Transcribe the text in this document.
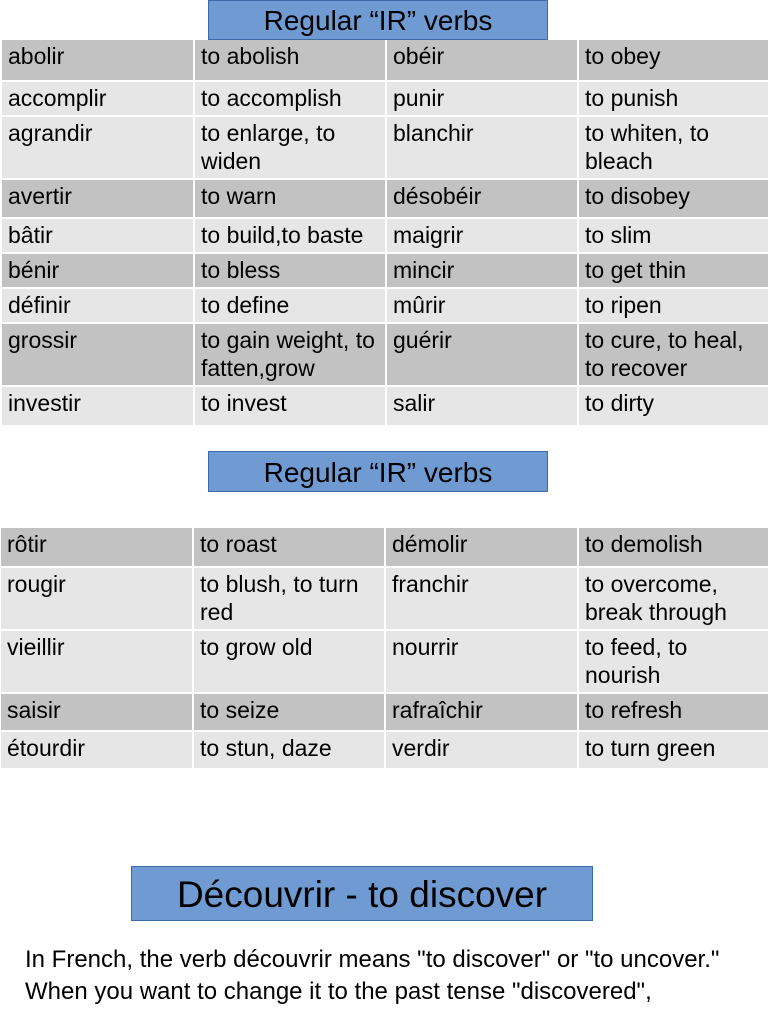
Regular “IR” verbs
abolir	to abolish	obéir	to obey
accomplir	to accomplish	punir	to punish
agrandir	to enlarge, to widen	blanchir	to whiten, to bleach
avertir	to warn	désobéir	to disobey
bâtir	to build,to baste	maigrir	to slim
bénir	to bless	mincir	to get thin
définir	to define	mûrir	to ripen
grossir	to gain weight, to fatten,grow	guérir	to cure, to heal, to recover
investir	to invest	salir	to dirty
Regular “IR” verbs
rôtir	to roast	démolir	to demolish
rougir	to blush, to turn red	franchir	to overcome, break through
vieillir	to grow old	nourrir	to feed, to nourish
saisir	to seize	rafraîchir	to refresh
étourdir	to stun, daze	verdir	to turn green
Découvrir - to discover

In French, the verb découvrir means "to discover" or "to uncover."

When you want to change it to the past tense "discovered",
